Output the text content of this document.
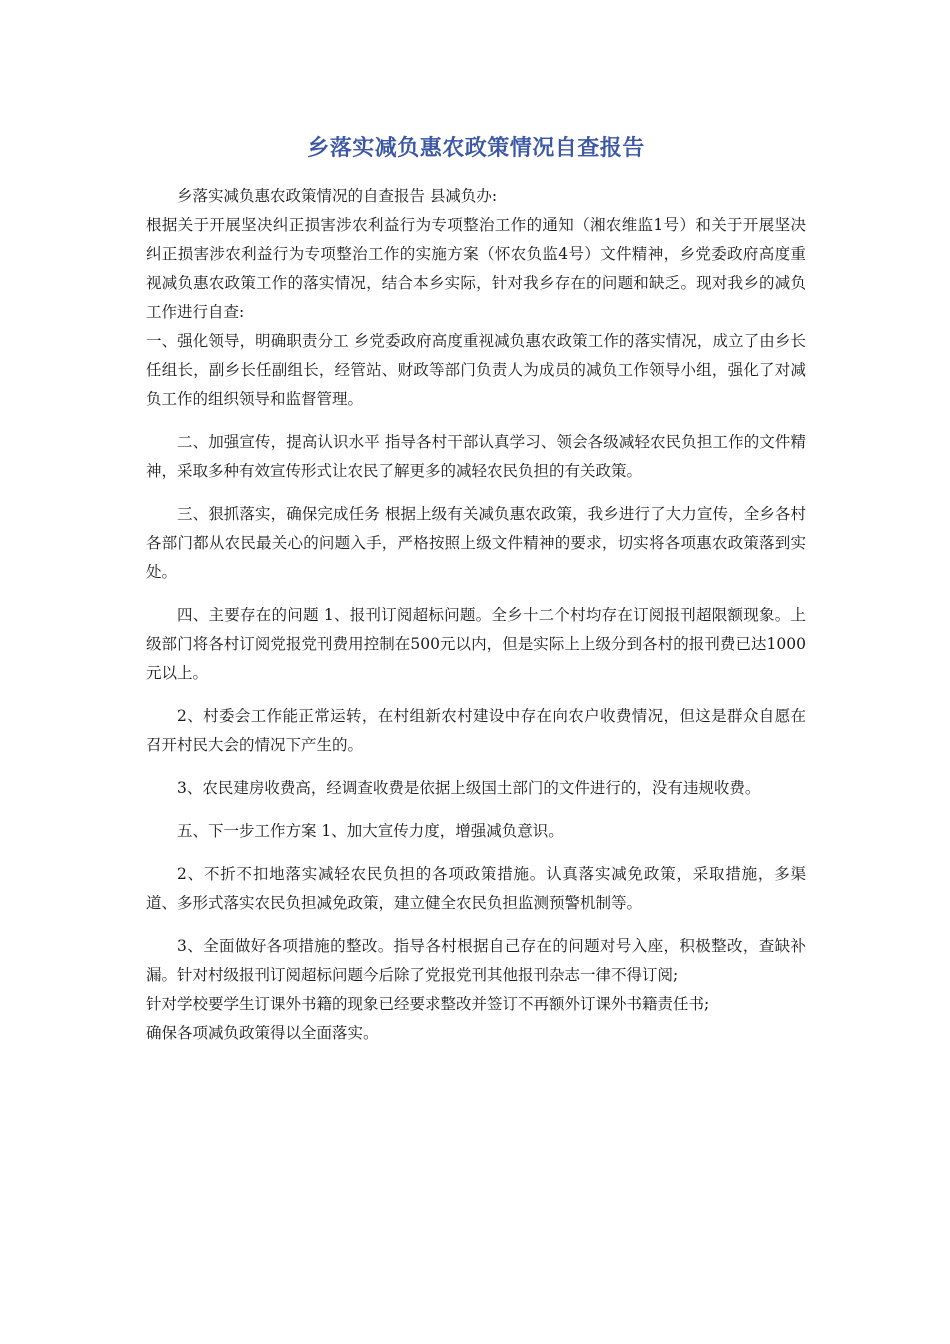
乡落实减负惠农政策情况自查报告

乡落实减负惠农政策情况的自查报告 县减负办:

根据关于开展坚决纠正损害涉农利益行为专项整治工作的通知（湘农维监1号）和关于开展坚决纠正损害涉农利益行为专项整治工作的实施方案（怀农负监4号）文件精神，乡党委政府高度重视减负惠农政策工作的落实情况，结合本乡实际，针对我乡存在的问题和缺乏。现对我乡的减负工作进行自查:

一、强化领导，明确职责分工 乡党委政府高度重视减负惠农政策工作的落实情况，成立了由乡长任组长，副乡长任副组长，经管站、财政等部门负责人为成员的减负工作领导小组，强化了对减负工作的组织领导和监督管理。

二、加强宣传，提高认识水平 指导各村干部认真学习、领会各级减轻农民负担工作的文件精神，采取多种有效宣传形式让农民了解更多的减轻农民负担的有关政策。

三、狠抓落实，确保完成任务 根据上级有关减负惠农政策，我乡进行了大力宣传，全乡各村各部门都从农民最关心的问题入手，严格按照上级文件精神的要求，切实将各项惠农政策落到实处。

四、主要存在的问题 1、报刊订阅超标问题。全乡十二个村均存在订阅报刊超限额现象。上级部门将各村订阅党报党刊费用控制在500元以内，但是实际上上级分到各村的报刊费已达1000元以上。

2、村委会工作能正常运转，在村组新农村建设中存在向农户收费情况，但这是群众自愿在召开村民大会的情况下产生的。

3、农民建房收费高，经调查收费是依据上级国土部门的文件进行的，没有违规收费。

五、下一步工作方案 1、加大宣传力度，增强减负意识。

2、不折不扣地落实减轻农民负担的各项政策措施。认真落实减免政策，采取措施，多渠道、多形式落实农民负担减免政策，建立健全农民负担监测预警机制等。

3、全面做好各项措施的整改。指导各村根据自己存在的问题对号入座，积极整改，查缺补漏。针对村级报刊订阅超标问题今后除了党报党刊其他报刊杂志一律不得订阅;

针对学校要学生订课外书籍的现象已经要求整改并签订不再额外订课外书籍责任书;

确保各项减负政策得以全面落实。
